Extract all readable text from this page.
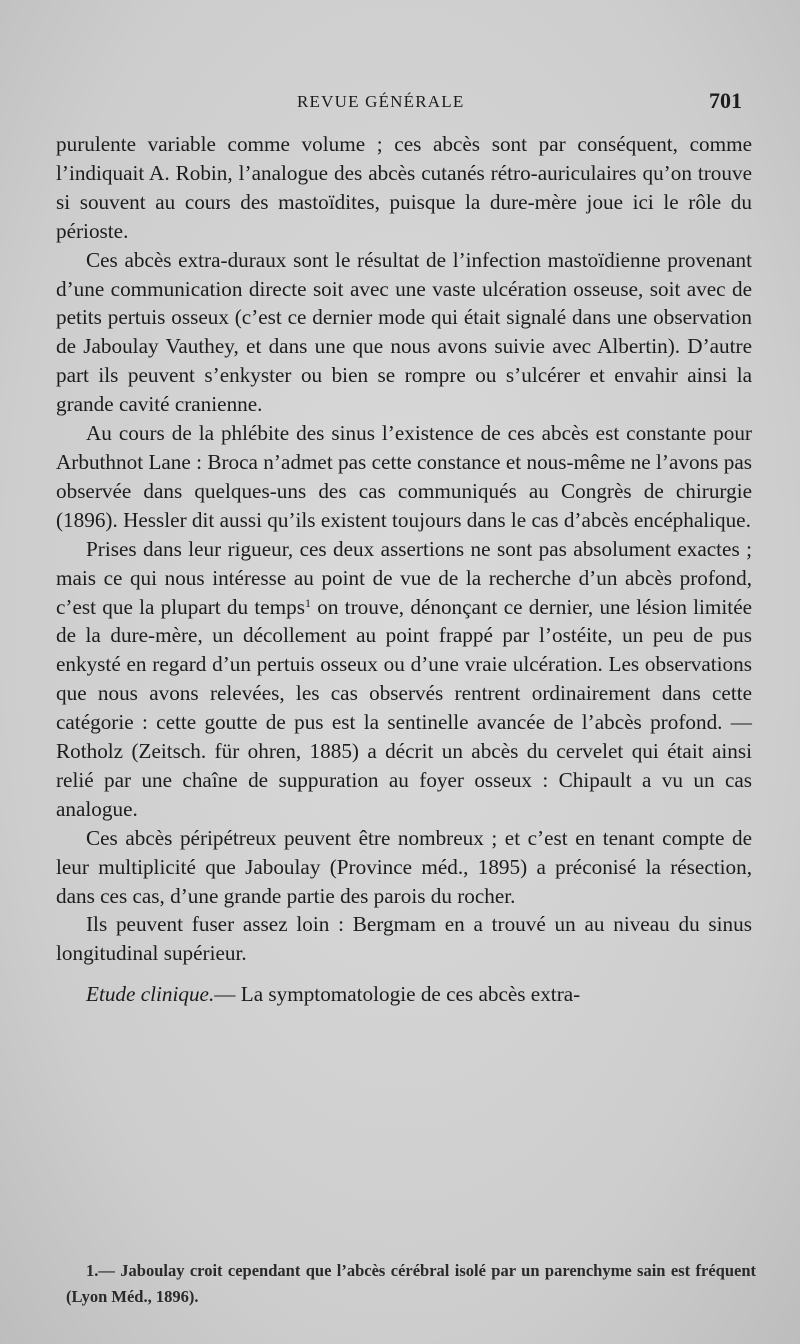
REVUE GÉNÉRALE	701

purulente variable comme volume ; ces abcès sont par conséquent, comme l’indiquait A. Robin, l’analogue des abcès cutanés rétro-auriculaires qu’on trouve si souvent au cours des mastoïdites, puisque la dure-mère joue ici le rôle du périoste.

Ces abcès extra-duraux sont le résultat de l’infection mastoïdienne provenant d’une communication directe soit avec une vaste ulcération osseuse, soit avec de petits pertuis osseux (c’est ce dernier mode qui était signalé dans une observation de Jaboulay Vauthey, et dans une que nous avons suivie avec Albertin). D’autre part ils peuvent s’enkyster ou bien se rompre ou s’ulcérer et envahir ainsi la grande cavité cranienne.

Au cours de la phlébite des sinus l’existence de ces abcès est constante pour Arbuthnot Lane : Broca n’admet pas cette constance et nous-même ne l’avons pas observée dans quelques-uns des cas communiqués au Congrès de chirurgie (1896). Hessler dit aussi qu’ils existent toujours dans le cas d’abcès encéphalique.

Prises dans leur rigueur, ces deux assertions ne sont pas absolument exactes ; mais ce qui nous intéresse au point de vue de la recherche d’un abcès profond, c’est que la plupart du temps$^1$ on trouve, dénonçant ce dernier, une lésion limitée de la dure-mère, un décollement au point frappé par l’ostéite, un peu de pus enkysté en regard d’un pertuis osseux ou d’une vraie ulcération. Les observations que nous avons relevées, les cas observés rentrent ordinairement dans cette catégorie : cette goutte de pus est la sentinelle avancée de l’abcès profond. — Rotholz (Zeitsch. für ohren, 1885) a décrit un abcès du cervelet qui était ainsi relié par une chaîne de suppuration au foyer osseux : Chipault a vu un cas analogue.

Ces abcès péripétreux peuvent être nombreux ; et c’est en tenant compte de leur multiplicité que Jaboulay (Province méd., 1895) a préconisé la résection, dans ces cas, d’une grande partie des parois du rocher.

Ils peuvent fuser assez loin : Bergmam en a trouvé un au niveau du sinus longitudinal supérieur.

Etude clinique.— La symptomatologie de ces abcès extra-

1.— Jaboulay croit cependant que l’abcès cérébral isolé par un parenchyme sain est fréquent (Lyon Méd., 1896).
